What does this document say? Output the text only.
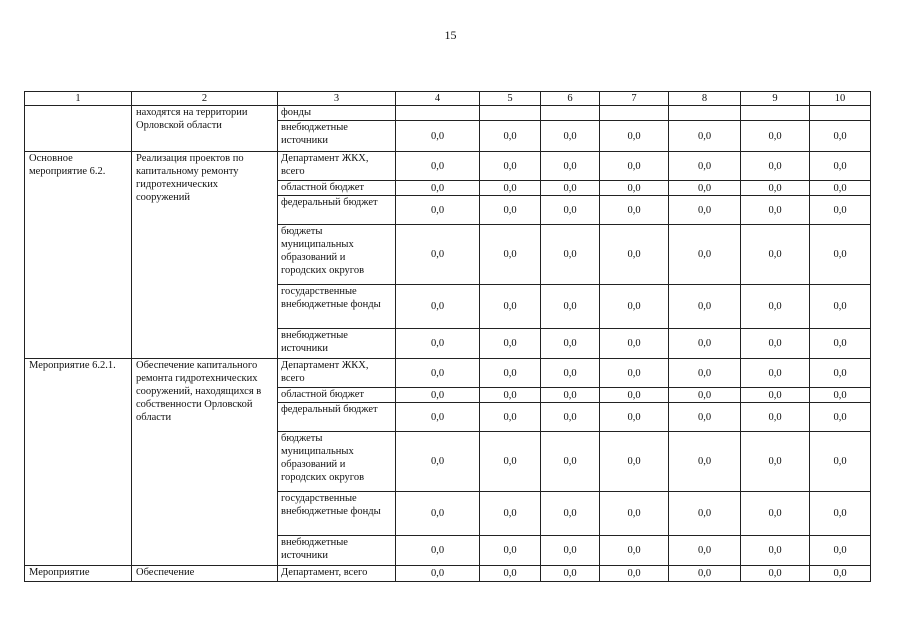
15
1	2	3	4	5	6	7	8	9	10
	находятся на территории Орловской области	фонды							
		внебюджетные источники	0,0	0,0	0,0	0,0	0,0	0,0	0,0
Основное мероприятие 6.2.	Реализация проектов по капитальному ремонту гидротехнических сооружений	Департамент ЖКХ, всего	0,0	0,0	0,0	0,0	0,0	0,0	0,0
		областной бюджет	0,0	0,0	0,0	0,0	0,0	0,0	0,0
		федеральный бюджет	0,0	0,0	0,0	0,0	0,0	0,0	0,0
		бюджеты муниципальных образований и городских округов	0,0	0,0	0,0	0,0	0,0	0,0	0,0
		государственные внебюджетные фонды	0,0	0,0	0,0	0,0	0,0	0,0	0,0
		внебюджетные источники	0,0	0,0	0,0	0,0	0,0	0,0	0,0
Мероприятие 6.2.1.	Обеспечение капитального ремонта гидротехнических сооружений, находящихся в собственности Орловской области	Департамент ЖКХ, всего	0,0	0,0	0,0	0,0	0,0	0,0	0,0
		областной бюджет	0,0	0,0	0,0	0,0	0,0	0,0	0,0
		федеральный бюджет	0,0	0,0	0,0	0,0	0,0	0,0	0,0
		бюджеты муниципальных образований и городских округов	0,0	0,0	0,0	0,0	0,0	0,0	0,0
		государственные внебюджетные фонды	0,0	0,0	0,0	0,0	0,0	0,0	0,0
		внебюджетные источники	0,0	0,0	0,0	0,0	0,0	0,0	0,0
Мероприятие	Обеспечение	Департамент, всего	0,0	0,0	0,0	0,0	0,0	0,0	0,0
